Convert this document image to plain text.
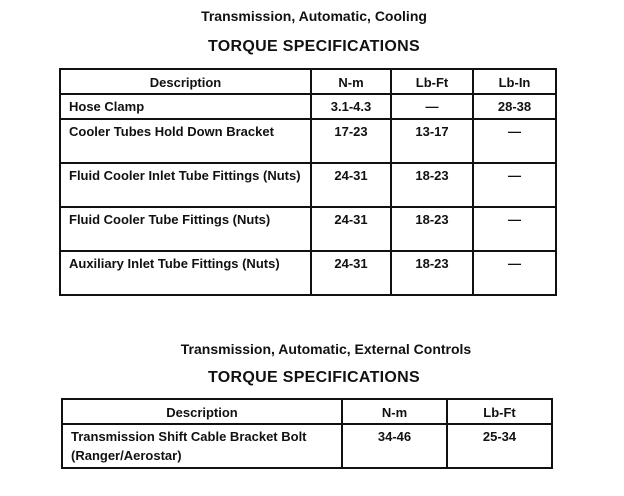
Transmission, Automatic, Cooling
TORQUE SPECIFICATIONS
Description	N-m	Lb-Ft	Lb-In
Hose Clamp	3.1-4.3	—	28-38
Cooler Tubes Hold Down Bracket	17-23	13-17	—
Fluid Cooler Inlet Tube Fittings (Nuts)	24-31	18-23	—
Fluid Cooler Tube Fittings (Nuts)	24-31	18-23	—
Auxiliary Inlet Tube Fittings (Nuts)	24-31	18-23	—
Transmission, Automatic, External Controls
TORQUE SPECIFICATIONS
Description	N-m	Lb-Ft
Transmission Shift Cable Bracket Bolt (Ranger/Aerostar)	34-46	25-34
